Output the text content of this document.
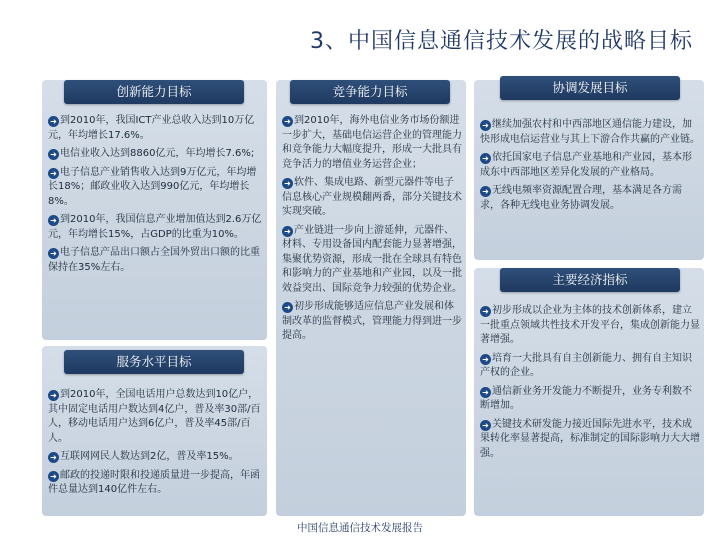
3、中国信息通信技术发展的战略目标
创新能力目标
➜ 到2010年，我国ICT产业总收入达到10万亿元，年均增长17.6%。
➜ 电信业收入达到8860亿元，年均增长7.6%;
➜ 电子信息产业销售收入达到9万亿元，年均增长18%；邮政业收入达到990亿元，年均增长8%。
➜ 到2010年，我国信息产业增加值达到2.6万亿元，年均增长15%，占GDP的比重为10%。
➜ 电子信息产品出口额占全国外贸出口额的比重保持在35%左右。
服务水平目标
➜ 到2010年，全国电话用户总数达到10亿户，其中固定电话用户数达到4亿户，普及率30部/百人，移动电话用户达到6亿户，普及率45部/百人。
➜ 互联网网民人数达到2亿，普及率15%。
➜ 邮政的投递时限和投递质量进一步提高，年函件总量达到140亿件左右。
竞争能力目标
➜ 到2010年，海外电信业务市场份额进一步扩大，基础电信运营企业的管理能力和竞争能力大幅度提升，形成一大批具有竞争活力的增值业务运营企业；
➜ 软件、集成电路、新型元器件等电子信息核心产业规模翻两番，部分关键技术实现突破。
➜ 产业链进一步向上游延伸，元器件、材料、专用设备国内配套能力显著增强，集聚优势资源，形成一批在全球具有特色和影响力的产业基地和产业园，以及一批效益突出、国际竞争力较强的优势企业。
➜ 初步形成能够适应信息产业发展和体制改革的监督模式，管理能力得到进一步提高。
协调发展目标
➜ 继续加强农村和中西部地区通信能力建设，加快形成电信运营业与其上下游合作共赢的产业链。
➜ 依托国家电子信息产业基地和产业园，基本形成东中西部地区差异化发展的产业格局。
➜ 无线电频率资源配置合理，基本满足各方需求，各种无线电业务协调发展。
主要经济指标
➜ 初步形成以企业为主体的技术创新体系，建立一批重点领域共性技术开发平台，集成创新能力显著增强。
➜ 培育一大批具有自主创新能力、拥有自主知识产权的企业。
➜ 通信新业务开发能力不断提升，业务专利数不断增加。
➜ 关键技术研发能力接近国际先进水平，技术成果转化率显著提高，标准制定的国际影响力大大增强。
中国信息通信技术发展报告
